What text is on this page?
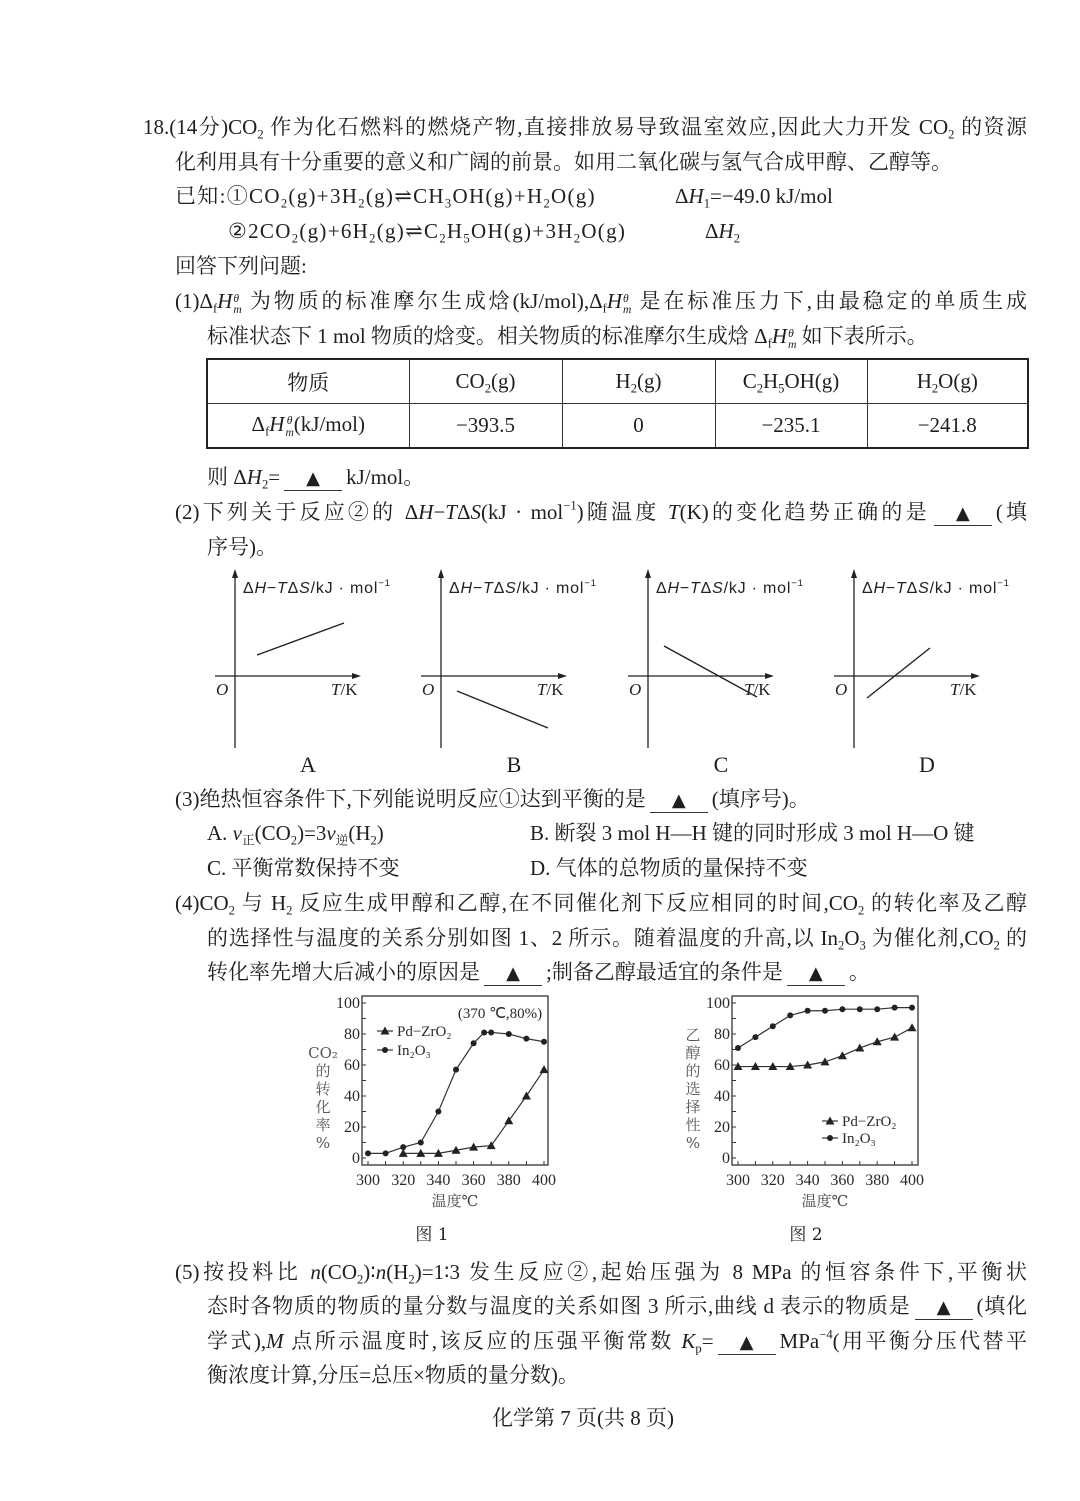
18.(14分)$CO_2$ 作为化石燃料的燃烧产物,直接排放易导致温室效应,因此大力开发 $CO_2$ 的资源
化利用具有十分重要的意义和广阔的前景。如用二氧化碳与氢气合成甲醇、乙醇等。
已知$:①CO_2(g)+3H_2(g)\rightleftharpoons CH_3OH(g)+H_2O(g)$	$\Delta H_1=-49.0$ kJ/mol
$②2CO_2(g)+6H_2(g)\rightleftharpoons C_2H_5OH(g)+3H_2O(g)$	$\Delta H_2$
回答下列问题:
$(1)\Delta_fH$ θ
m 为物质的标准摩尔生成焓$(kJ/mol),\Delta_fH$ θ
m 是在标准压力下,由最稳定的单质生成
标准状态下 1 mol 物质的焓变。相关物质的标准摩尔生成焓 $\Delta_fH$ θ
m 如下表所示。
物质	$CO_2(g)$	$H_2(g)$	$C_2H_5OH(g)$	$H_2O(g)$
$\Delta_fH$ θ
m (kJ/mol)	−393.5	0	−235.1	−241.8
则 $\Delta H_2=$ ▲ kJ/mol。
(2)下列关于反应②的 ΔH−TΔS(kJ · mol$^{-1}$)随温度 T(K)的变化趋势正确的是 ▲ (填
序号)。
ΔH−TΔS/kJ · mol$^{-1}$
O	T/K
A
ΔH−TΔS/kJ · mol$^{-1}$
O	T/K
B
ΔH−TΔS/kJ · mol$^{-1}$
O	T/K
C
ΔH−TΔS/kJ · mol$^{-1}$
O	T/K
D
(3)绝热恒容条件下,下列能说明反应①达到平衡的是 ▲ (填序号)。
A. $v_正(CO_2)=3v_逆(H_2)$	B. 断裂 3 mol H—H 键的同时形成 3 mol H—O 键
C. 平衡常数保持不变	D. 气体的总物质的量保持不变
$(4)CO_2$ 与 $H_2$ 反应生成甲醇和乙醇,在不同催化剂下反应相同的时间$,CO_2$ 的转化率及乙醇
的选择性与温度的关系分别如图 1、2 所示。随着温度的升高,以 $In_2O_3$ 为催化剂$,CO_2$ 的
转化率先增大后减小的原因是 ▲ ;制备乙醇最适宜的条件是 ▲ 。
300 320 340 360 380 400
0
20
40
60
80
100
Pd−ZrO₂
In₂O₃
(370 ℃,80%)
温度℃
CO₂
的
转
化
率
%
图 1
300 320 340 360 380 400
0
20
40
60
80
100
Pd−ZrO₂
In₂O₃
温度℃
乙
醇
的
选
择
性
%
图 2
(5)按投料比 $n(CO_2)∶n(H_2)=1∶3$ 发生反应②,起始压强为 8 MPa 的恒容条件下,平衡状
态时各物质的物质的量分数与温度的关系如图 3 所示,曲线 d 表示的物质是 ▲ (填化
学式),M 点所示温度时,该反应的压强平衡常数 $K_p=$ ▲ MPa$^{-4}$(用平衡分压代替平
衡浓度计算,分压=总压×物质的量分数)。
化学第 7 页(共 8 页)
